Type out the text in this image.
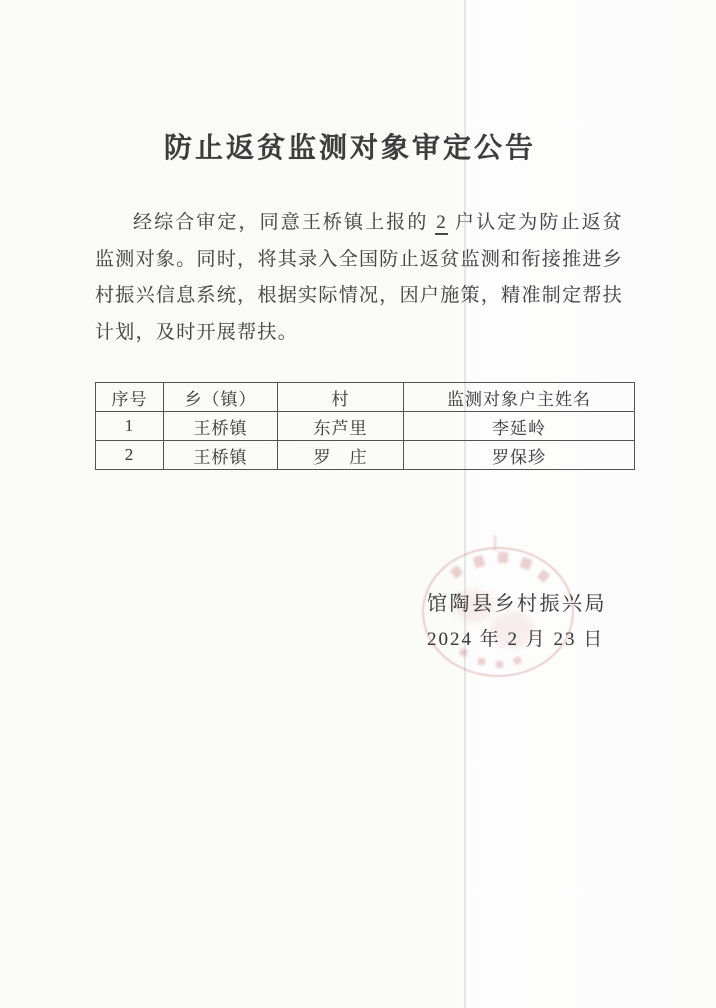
防止返贫监测对象审定公告

经综合审定，同意王桥镇上报的 2 户认定为防止返贫监测对象。同时，将其录入全国防止返贫监测和衔接推进乡村振兴信息系统，根据实际情况，因户施策，精准制定帮扶计划，及时开展帮扶。

序号	乡（镇）	村	监测对象户主姓名
1	王桥镇	东芦里	李延岭
2	王桥镇	罗　庄	罗保珍
馆陶县乡村振兴局
2024 年 2 月 23 日
